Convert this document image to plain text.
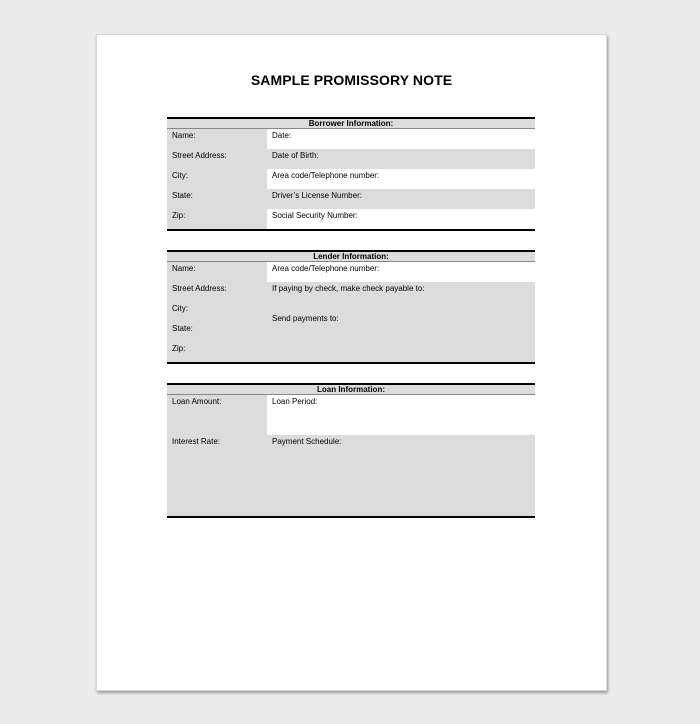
SAMPLE PROMISSORY NOTE
Borrower Information:
Name:
Street Address:
City:
State:
Zip:
Date:
Date of Birth:
Area code/Telephone number:
Driver’s License Number:
Social Security Number:
Lender Information:
Name:
Street Address:
City:
State:
Zip:
Area code/Telephone number:
If paying by check, make check payable to:
Send payments to:
Loan Information:
Loan Amount:
Interest Rate:
Loan Period:
Payment Schedule:
